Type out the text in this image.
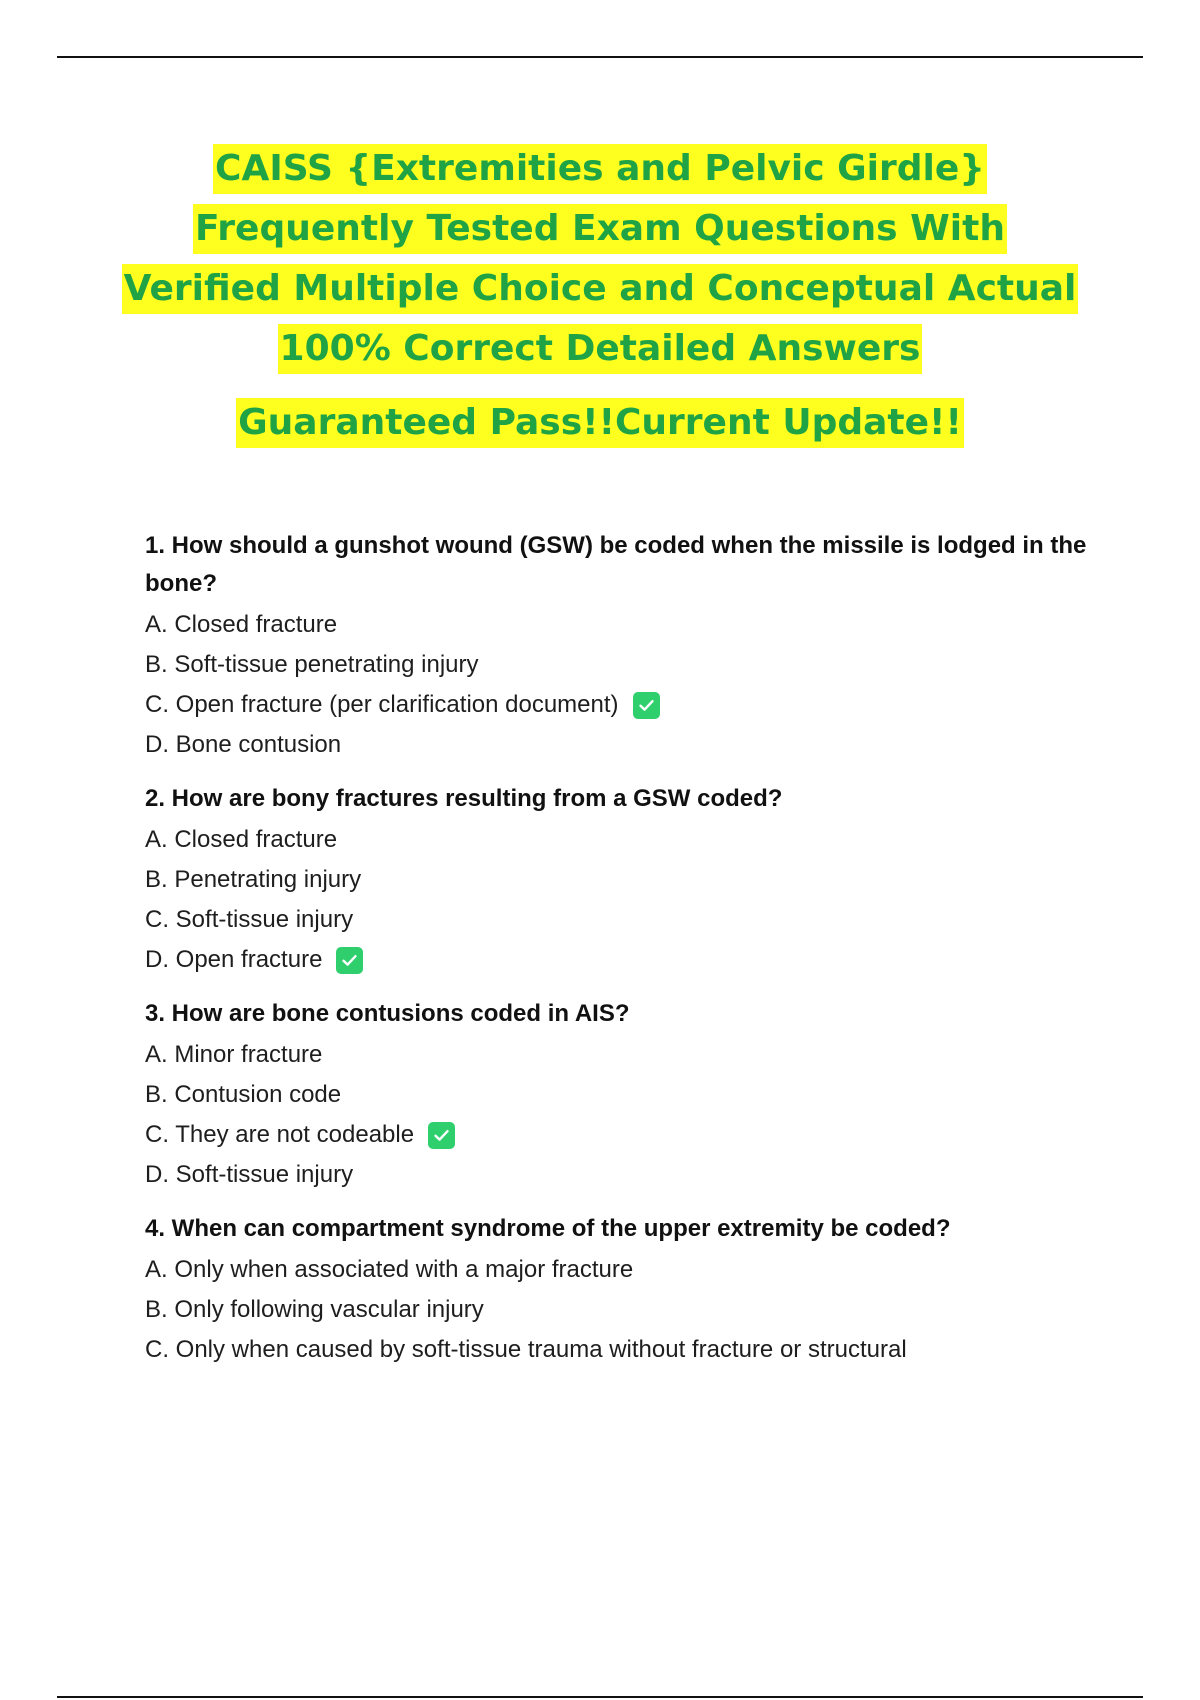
CAISS {Extremities and Pelvic Girdle}
Frequently Tested Exam Questions With
Verified Multiple Choice and Conceptual Actual
100% Correct Detailed Answers
Guaranteed Pass!!Current Update!!
1. How should a gunshot wound (GSW) be coded when the missile is lodged in the bone?
A. Closed fracture
B. Soft-tissue penetrating injury
C. Open fracture (per clarification document)
D. Bone contusion
2. How are bony fractures resulting from a GSW coded?
A. Closed fracture
B. Penetrating injury
C. Soft-tissue injury
D. Open fracture
3. How are bone contusions coded in AIS?
A. Minor fracture
B. Contusion code
C. They are not codeable
D. Soft-tissue injury
4. When can compartment syndrome of the upper extremity be coded?
A. Only when associated with a major fracture
B. Only following vascular injury
C. Only when caused by soft-tissue trauma without fracture or structural
